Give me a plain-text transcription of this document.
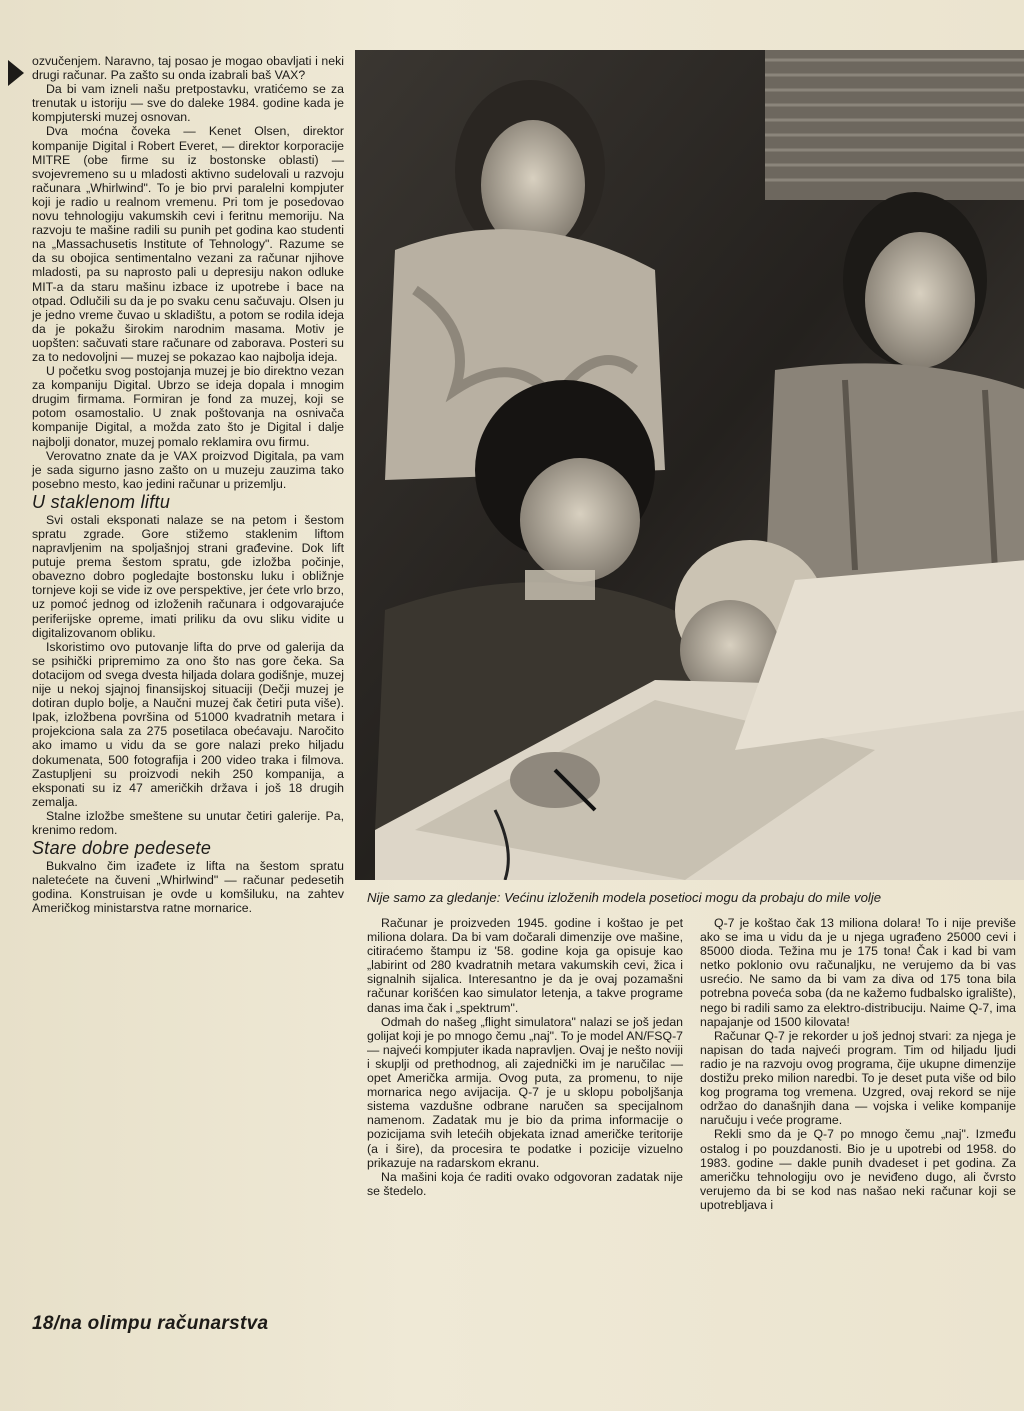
ozvučenjem. Naravno, taj posao je mogao obavljati i neki drugi računar. Pa zašto su onda izabrali baš VAX?

Da bi vam izneli našu pretpostavku, vratićemo se za trenutak u istoriju — sve do daleke 1984. godine kada je kompjuterski muzej osnovan.

Dva moćna čoveka — Kenet Olsen, direktor kompanije Digital i Robert Everet, — direktor korporacije MITRE (obe firme su iz bostonske oblasti) — svojevremeno su u mladosti aktivno sudelovali u razvoju računara „Whirlwind". To je bio prvi paralelni kompjuter koji je radio u realnom vremenu. Pri tom je posedovao novu tehnologiju vakumskih cevi i feritnu memoriju. Na razvoju te mašine radili su punih pet godina kao studenti na „Massachusetis Institute of Tehnology". Razume se da su obojica sentimentalno vezani za računar njihove mladosti, pa su naprosto pali u depresiju nakon odluke MIT-a da staru mašinu izbace iz upotrebe i bace na otpad. Odlučili su da je po svaku cenu sačuvaju. Olsen ju je jedno vreme čuvao u skladištu, a potom se rodila ideja da je pokažu širokim narodnim masama. Motiv je uopšten: sačuvati stare računare od zaborava. Posteri su za to nedovoljni — muzej se pokazao kao najbolja ideja.

U početku svog postojanja muzej je bio direktno vezan za kompaniju Digital. Ubrzo se ideja dopala i mnogim drugim firmama. Formiran je fond za muzej, koji se potom osamostalio. U znak poštovanja na osnivača kompanije Digital, a možda zato što je Digital i dalje najbolji donator, muzej pomalo reklamira ovu firmu.

Verovatno znate da je VAX proizvod Digitala, pa vam je sada sigurno jasno zašto on u muzeju zauzima tako posebno mesto, kao jedini računar u prizemlju.

U staklenom liftu

Svi ostali eksponati nalaze se na petom i šestom spratu zgrade. Gore stižemo staklenim liftom napravljenim na spoljašnjoj strani građevine. Dok lift putuje prema šestom spratu, gde izložba počinje, obavezno dobro pogledajte bostonsku luku i obližnje tornjeve koji se vide iz ove perspektive, jer ćete vrlo brzo, uz pomoć jednog od izloženih računara i odgovarajuće periferijske opreme, imati priliku da ovu sliku vidite u digitalizovanom obliku.

Iskoristimo ovo putovanje lifta do prve od galerija da se psihički pripremimo za ono što nas gore čeka. Sa dotacijom od svega dvesta hiljada dolara godišnje, muzej nije u nekoj sjajnoj finansijskoj situaciji (Dečji muzej je dotiran duplo bolje, a Naučni muzej čak četiri puta više). Ipak, izložbena površina od 51000 kvadratnih metara i projekciona sala za 275 posetilaca obećavaju. Naročito ako imamo u vidu da se gore nalazi preko hiljadu dokumenata, 500 fotografija i 200 video traka i filmova. Zastupljeni su proizvodi nekih 250 kompanija, a eksponati su iz 47 američkih država i još 18 drugih zemalja.

Stalne izložbe smeštene su unutar četiri galerije. Pa, krenimo redom.

Stare dobre pedesete

Bukvalno čim izađete iz lifta na šestom spratu naletećete na čuveni „Whirlwind" — računar pedesetih godina. Konstruisan je ovde u komšiluku, na zahtev Američkog ministarstva ratne mornarice.

18/na olimpu računarstva
Nije samo za gledanje: Većinu izloženih modela posetioci mogu da probaju do mile volje

Računar je proizveden 1945. godine i koštao je pet miliona dolara. Da bi vam dočarali dimenzije ove mašine, citiraćemo štampu iz '58. godine koja ga opisuje kao „labirint od 280 kvadratnih metara vakumskih cevi, žica i signalnih sijalica. Interesantno je da je ovaj pozamašni računar korišćen kao simulator letenja, a takve programe danas ima čak i „spektrum".

Odmah do našeg „flight simulatora" nalazi se još jedan golijat koji je po mnogo čemu „naj". To je model AN/FSQ-7 — najveći kompjuter ikada napravljen. Ovaj je nešto noviji i skuplji od prethodnog, ali zajednički im je naručilac — opet Američka armija. Ovog puta, za promenu, to nije mornarica nego avijacija. Q-7 je u sklopu poboljšanja sistema vazdušne odbrane naručen sa specijalnom namenom. Zadatak mu je bio da prima informacije o pozicijama svih letećih objekata iznad američke teritorije (a i šire), da procesira te podatke i pozicije vizuelno prikazuje na radarskom ekranu.

Na mašini koja će raditi ovako odgovoran zadatak nije se štedelo.

Q-7 je koštao čak 13 miliona dolara! To i nije previše ako se ima u vidu da je u njega ugrađeno 25000 cevi i 85000 dioda. Težina mu je 175 tona! Čak i kad bi vam netko poklonio ovu računaljku, ne verujemo da bi vas usrećio. Ne samo da bi vam za diva od 175 tona bila potrebna poveća soba (da ne kažemo fudbalsko igralište), nego bi radili samo za elektro-distribuciju. Naime Q-7, ima napajanje od 1500 kilovata!

Računar Q-7 je rekorder u još jednoj stvari: za njega je napisan do tada najveći program. Tim od hiljadu ljudi radio je na razvoju ovog programa, čije ukupne dimenzije dostižu preko milion naredbi. To je deset puta više od bilo kog programa tog vremena. Uzgred, ovaj rekord se nije održao do današnjih dana — vojska i velike kompanije naručuju i veće programe.

Rekli smo da je Q-7 po mnogo čemu „naj". Između ostalog i po pouzdanosti. Bio je u upotrebi od 1958. do 1983. godine — dakle punih dvadeset i pet godina. Za američku tehnologiju ovo je neviđeno dugo, ali čvrsto verujemo da bi se kod nas našao neki računar koji se upotrebljava i
